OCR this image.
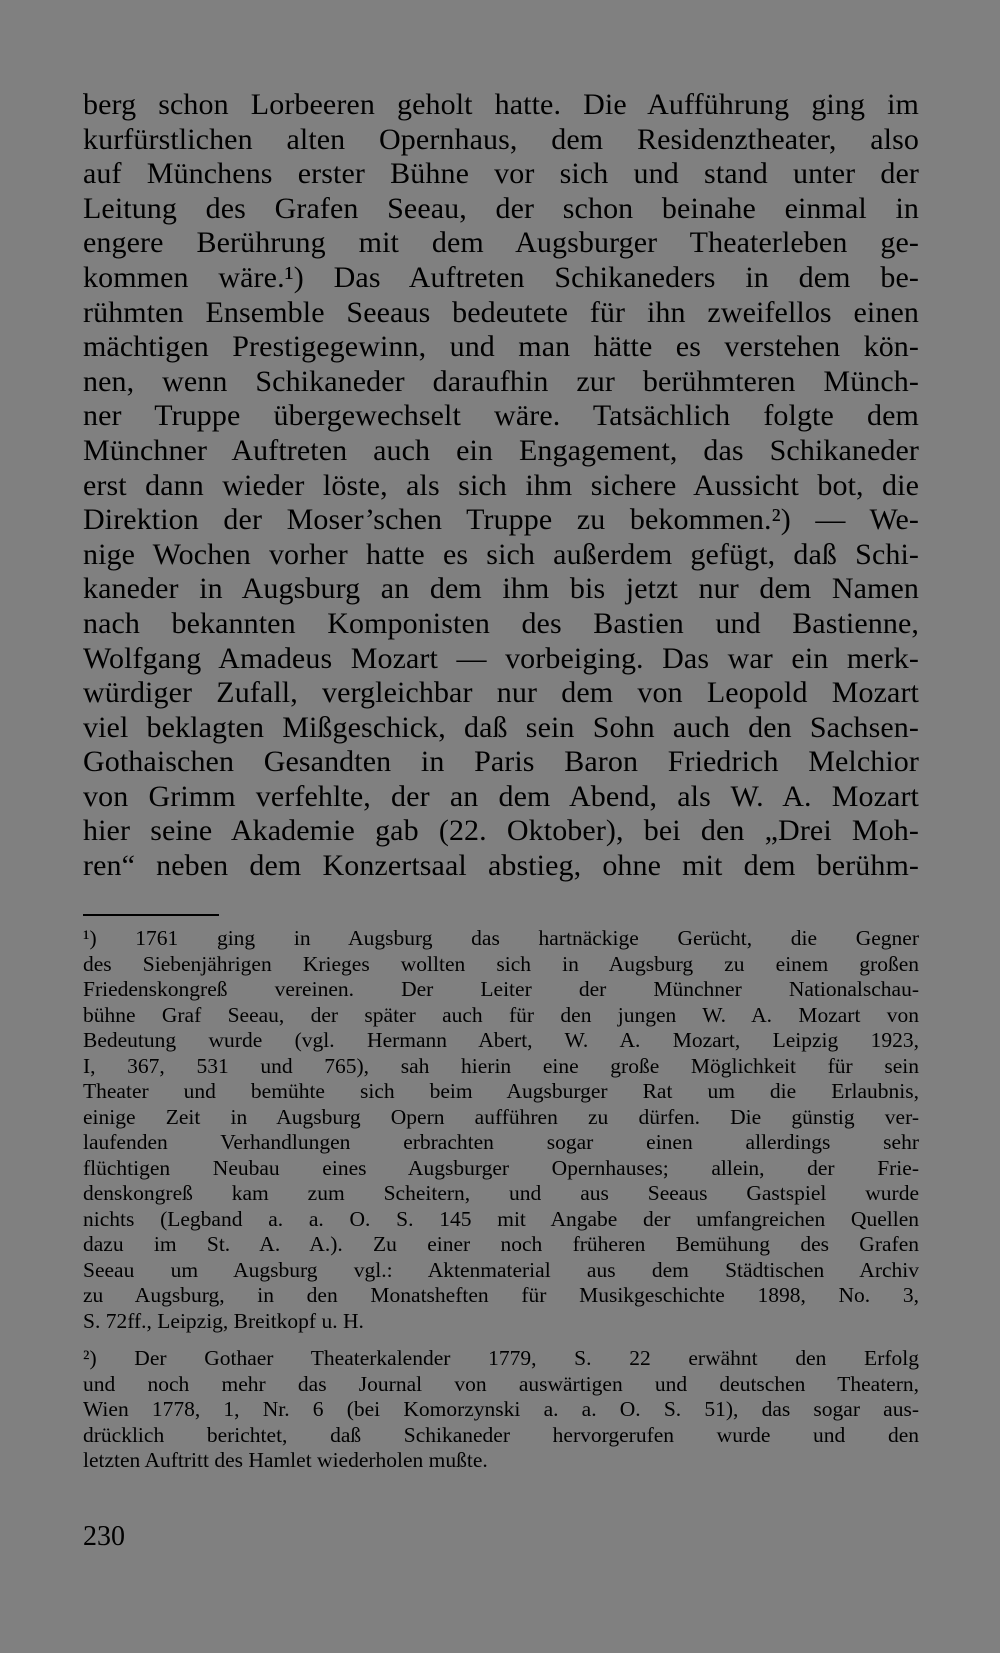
berg schon Lorbeeren geholt hatte. Die Aufführung ging im
kurfürstlichen alten Opernhaus, dem Residenztheater, also
auf Münchens erster Bühne vor sich und stand unter der
Leitung des Grafen Seeau, der schon beinahe einmal in
engere Berührung mit dem Augsburger Theaterleben ge-
kommen wäre.¹) Das Auftreten Schikaneders in dem be-
rühmten Ensemble Seeaus bedeutete für ihn zweifellos einen
mächtigen Prestigegewinn, und man hätte es verstehen kön-
nen, wenn Schikaneder daraufhin zur berühmteren Münch-
ner Truppe übergewechselt wäre. Tatsächlich folgte dem
Münchner Auftreten auch ein Engagement, das Schikaneder
erst dann wieder löste, als sich ihm sichere Aussicht bot, die
Direktion der Moser’schen Truppe zu bekommen.²) — We-
nige Wochen vorher hatte es sich außerdem gefügt, daß Schi-
kaneder in Augsburg an dem ihm bis jetzt nur dem Namen
nach bekannten Komponisten des Bastien und Bastienne,
Wolfgang Amadeus Mozart — vorbeiging. Das war ein merk-
würdiger Zufall, vergleichbar nur dem von Leopold Mozart
viel beklagten Mißgeschick, daß sein Sohn auch den Sachsen-
Gothaischen Gesandten in Paris Baron Friedrich Melchior
von Grimm verfehlte, der an dem Abend, als W. A. Mozart
hier seine Akademie gab (22. Oktober), bei den „Drei Moh-
ren“ neben dem Konzertsaal abstieg, ohne mit dem berühm-
¹) 1761 ging in Augsburg das hartnäckige Gerücht, die Gegner
des Siebenjährigen Krieges wollten sich in Augsburg zu einem großen
Friedenskongreß vereinen. Der Leiter der Münchner Nationalschau-
bühne Graf Seeau, der später auch für den jungen W. A. Mozart von
Bedeutung wurde (vgl. Hermann Abert, W. A. Mozart, Leipzig 1923,
I, 367, 531 und 765), sah hierin eine große Möglichkeit für sein
Theater und bemühte sich beim Augsburger Rat um die Erlaubnis,
einige Zeit in Augsburg Opern aufführen zu dürfen. Die günstig ver-
laufenden Verhandlungen erbrachten sogar einen allerdings sehr
flüchtigen Neubau eines Augsburger Opernhauses; allein, der Frie-
denskongreß kam zum Scheitern, und aus Seeaus Gastspiel wurde
nichts (Legband a. a. O. S. 145 mit Angabe der umfangreichen Quellen
dazu im St. A. A.). Zu einer noch früheren Bemühung des Grafen
Seeau um Augsburg vgl.: Aktenmaterial aus dem Städtischen Archiv
zu Augsburg, in den Monatsheften für Musikgeschichte 1898, No. 3,
S. 72ff., Leipzig, Breitkopf u. H.
²) Der Gothaer Theaterkalender 1779, S. 22 erwähnt den Erfolg
und noch mehr das Journal von auswärtigen und deutschen Theatern,
Wien 1778, 1, Nr. 6 (bei Komorzynski a. a. O. S. 51), das sogar aus-
drücklich berichtet, daß Schikaneder hervorgerufen wurde und den
letzten Auftritt des Hamlet wiederholen mußte.
230
